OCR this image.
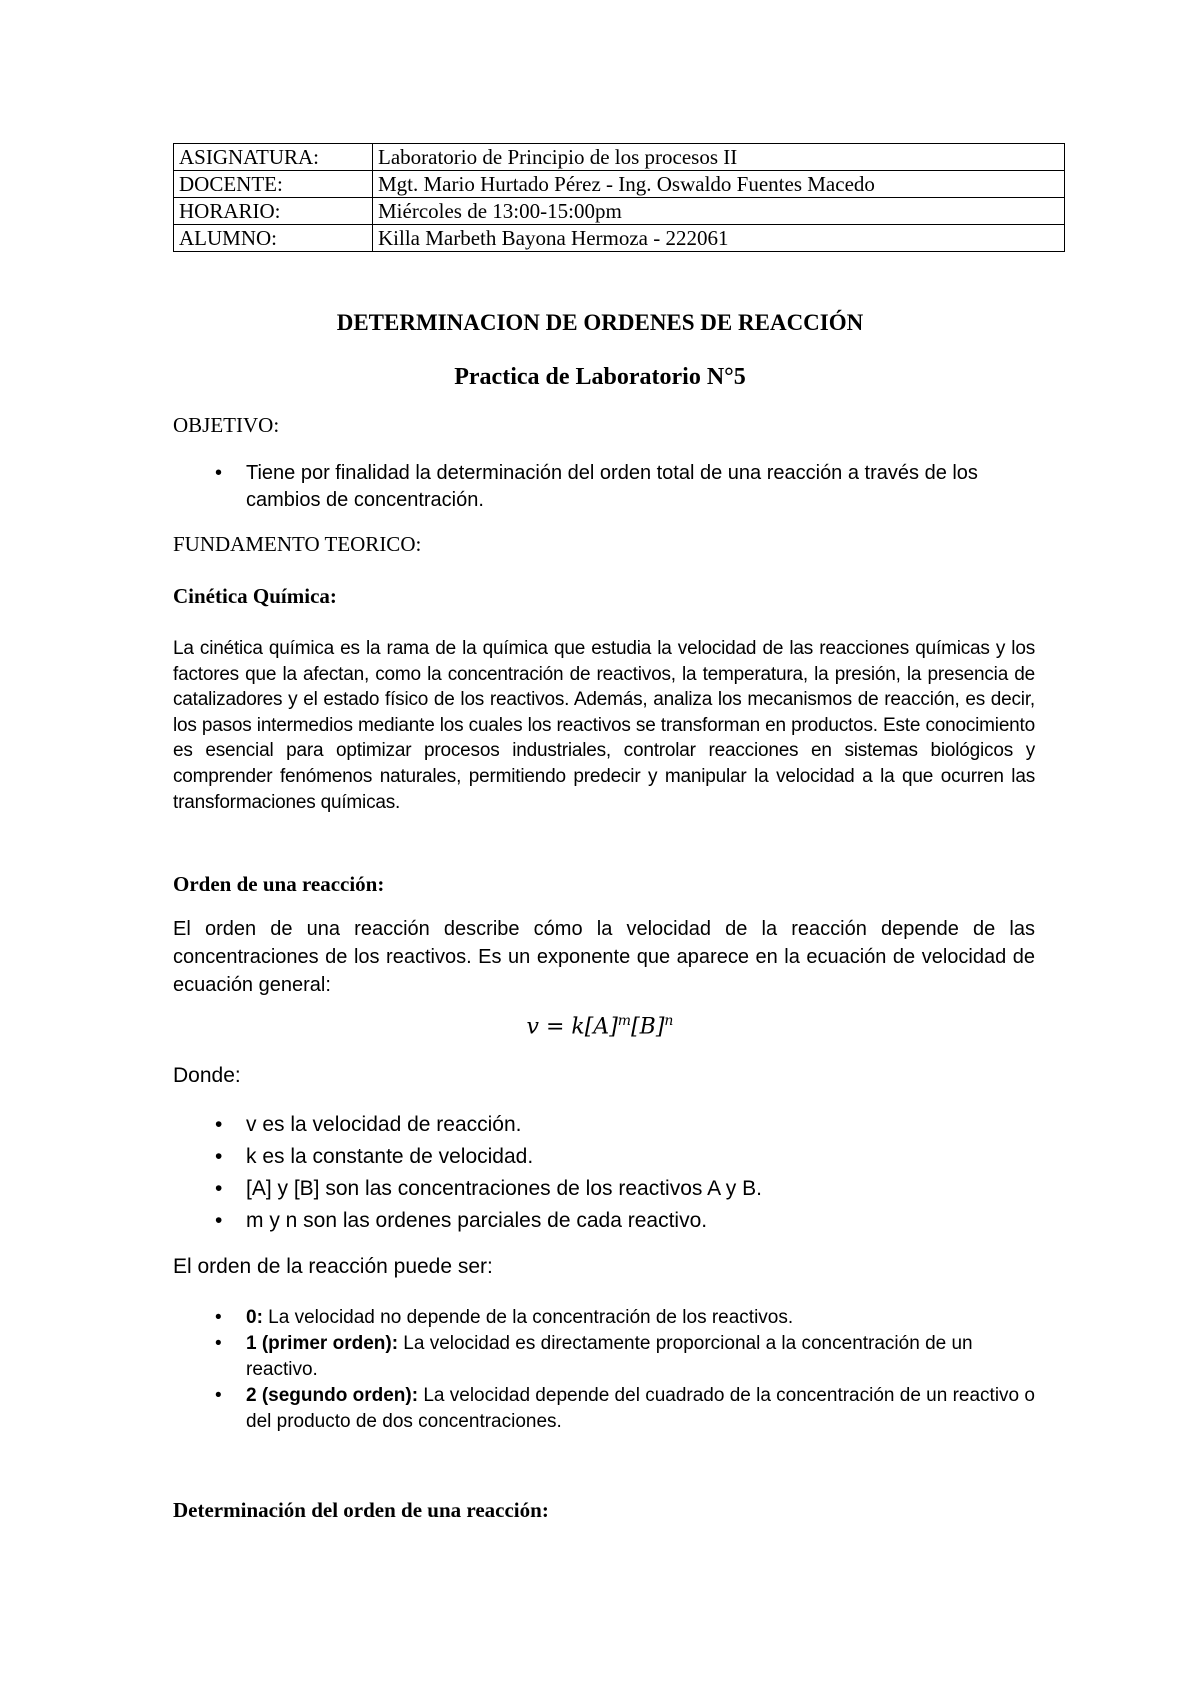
ASIGNATURA:	Laboratorio de Principio de los procesos II
DOCENTE:	Mgt. Mario Hurtado Pérez - Ing. Oswaldo Fuentes Macedo
HORARIO:	Miércoles de 13:00-15:00pm
ALUMNO:	Killa Marbeth Bayona Hermoza - 222061
DETERMINACION DE ORDENES DE REACCIÓN
Practica de Laboratorio N°5

OBJETIVO:

• Tiene por finalidad la determinación del orden total de una reacción a través de los cambios de concentración.

FUNDAMENTO TEORICO:

Cinética Química:

La cinética química es la rama de la química que estudia la velocidad de las reacciones químicas y los factores que la afectan, como la concentración de reactivos, la temperatura, la presión, la presencia de catalizadores y el estado físico de los reactivos. Además, analiza los mecanismos de reacción, es decir, los pasos intermedios mediante los cuales los reactivos se transforman en productos. Este conocimiento es esencial para optimizar procesos industriales, controlar reacciones en sistemas biológicos y comprender fenómenos naturales, permitiendo predecir y manipular la velocidad a la que ocurren las transformaciones químicas.

Orden de una reacción:

El orden de una reacción describe cómo la velocidad de la reacción depende de las concentraciones de los reactivos. Es un exponente que aparece en la ecuación de velocidad de ecuación general:

$v = k[A]^m[B]^n$

Donde:

• v es la velocidad de reacción.
• k es la constante de velocidad.
• [A] y [B] son las concentraciones de los reactivos A y B.
• m y n son las ordenes parciales de cada reactivo.

El orden de la reacción puede ser:

• 0: La velocidad no depende de la concentración de los reactivos.
• 1 (primer orden): La velocidad es directamente proporcional a la concentración de un reactivo.
• 2 (segundo orden): La velocidad depende del cuadrado de la concentración de un reactivo o del producto de dos concentraciones.

Determinación del orden de una reacción:
